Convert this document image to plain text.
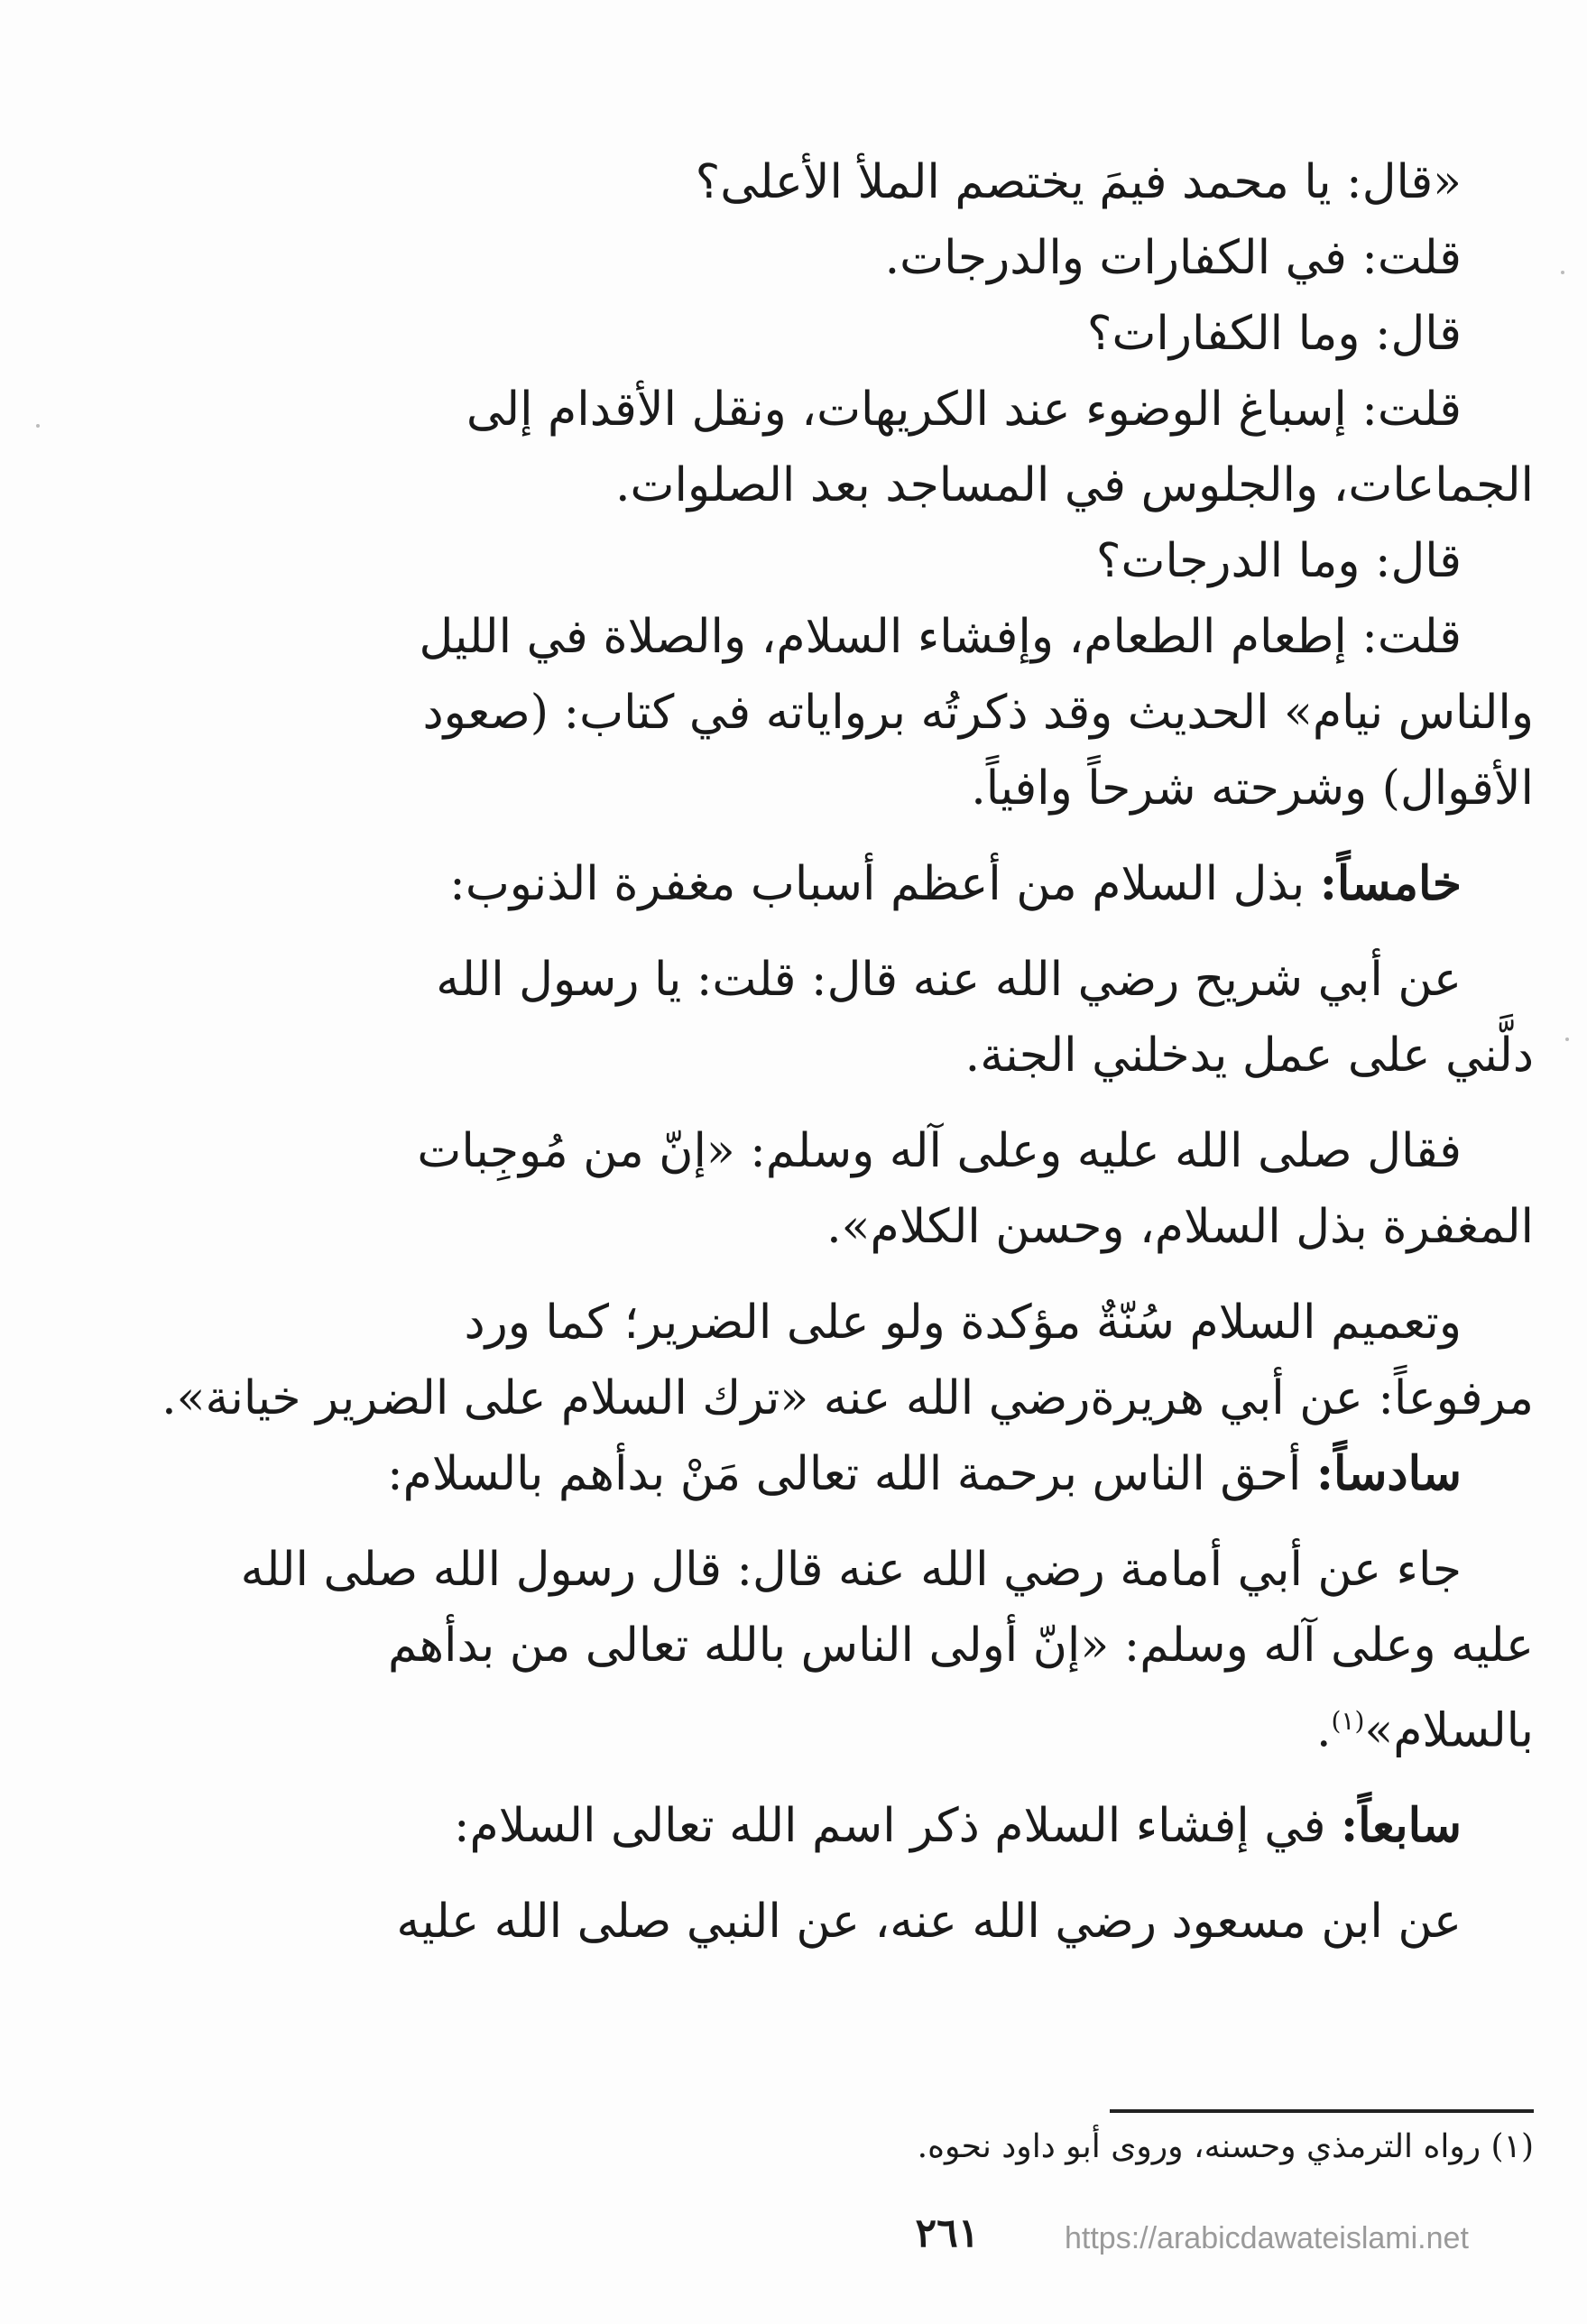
«قال: يا محمد فيمَ يختصم الملأ الأعلى؟
قلت: في الكفارات والدرجات.
قال: وما الكفارات؟
قلت: إسباغ الوضوء عند الكريهات، ونقل الأقدام إلى
الجماعات، والجلوس في المساجد بعد الصلوات.
قال: وما الدرجات؟
قلت: إطعام الطعام، وإفشاء السلام، والصلاة في الليل
والناس نيام» الحديث وقد ذكرتُه برواياته في كتاب: (صعود
الأقوال) وشرحته شرحاً وافياً.
خامساً: بذل السلام من أعظم أسباب مغفرة الذنوب:
عن أبي شريح رضي الله عنه قال: قلت: يا رسول الله
دلَّني على عمل يدخلني الجنة.
فقال صلى الله عليه وعلى آله وسلم: «إنّ من مُوجِبات
المغفرة بذل السلام، وحسن الكلام».
وتعميم السلام سُنّةٌ مؤكدة ولو على الضرير؛ كما ورد
مرفوعاً: عن أبي هريرةرضي الله عنه «ترك السلام على الضرير خيانة».
سادساً: أحق الناس برحمة الله تعالى مَنْ بدأهم بالسلام:
جاء عن أبي أمامة رضي الله عنه قال: قال رسول الله صلى الله
عليه وعلى آله وسلم: «إنّ أولى الناس بالله تعالى من بدأهم
بالسلام»$^{(١)}$.
سابعاً: في إفشاء السلام ذكر اسم الله تعالى السلام:
عن ابن مسعود رضي الله عنه، عن النبي صلى الله عليه
(١) رواه الترمذي وحسنه، وروى أبو داود نحوه.
٢٦١	https://arabicdawateislami.net
